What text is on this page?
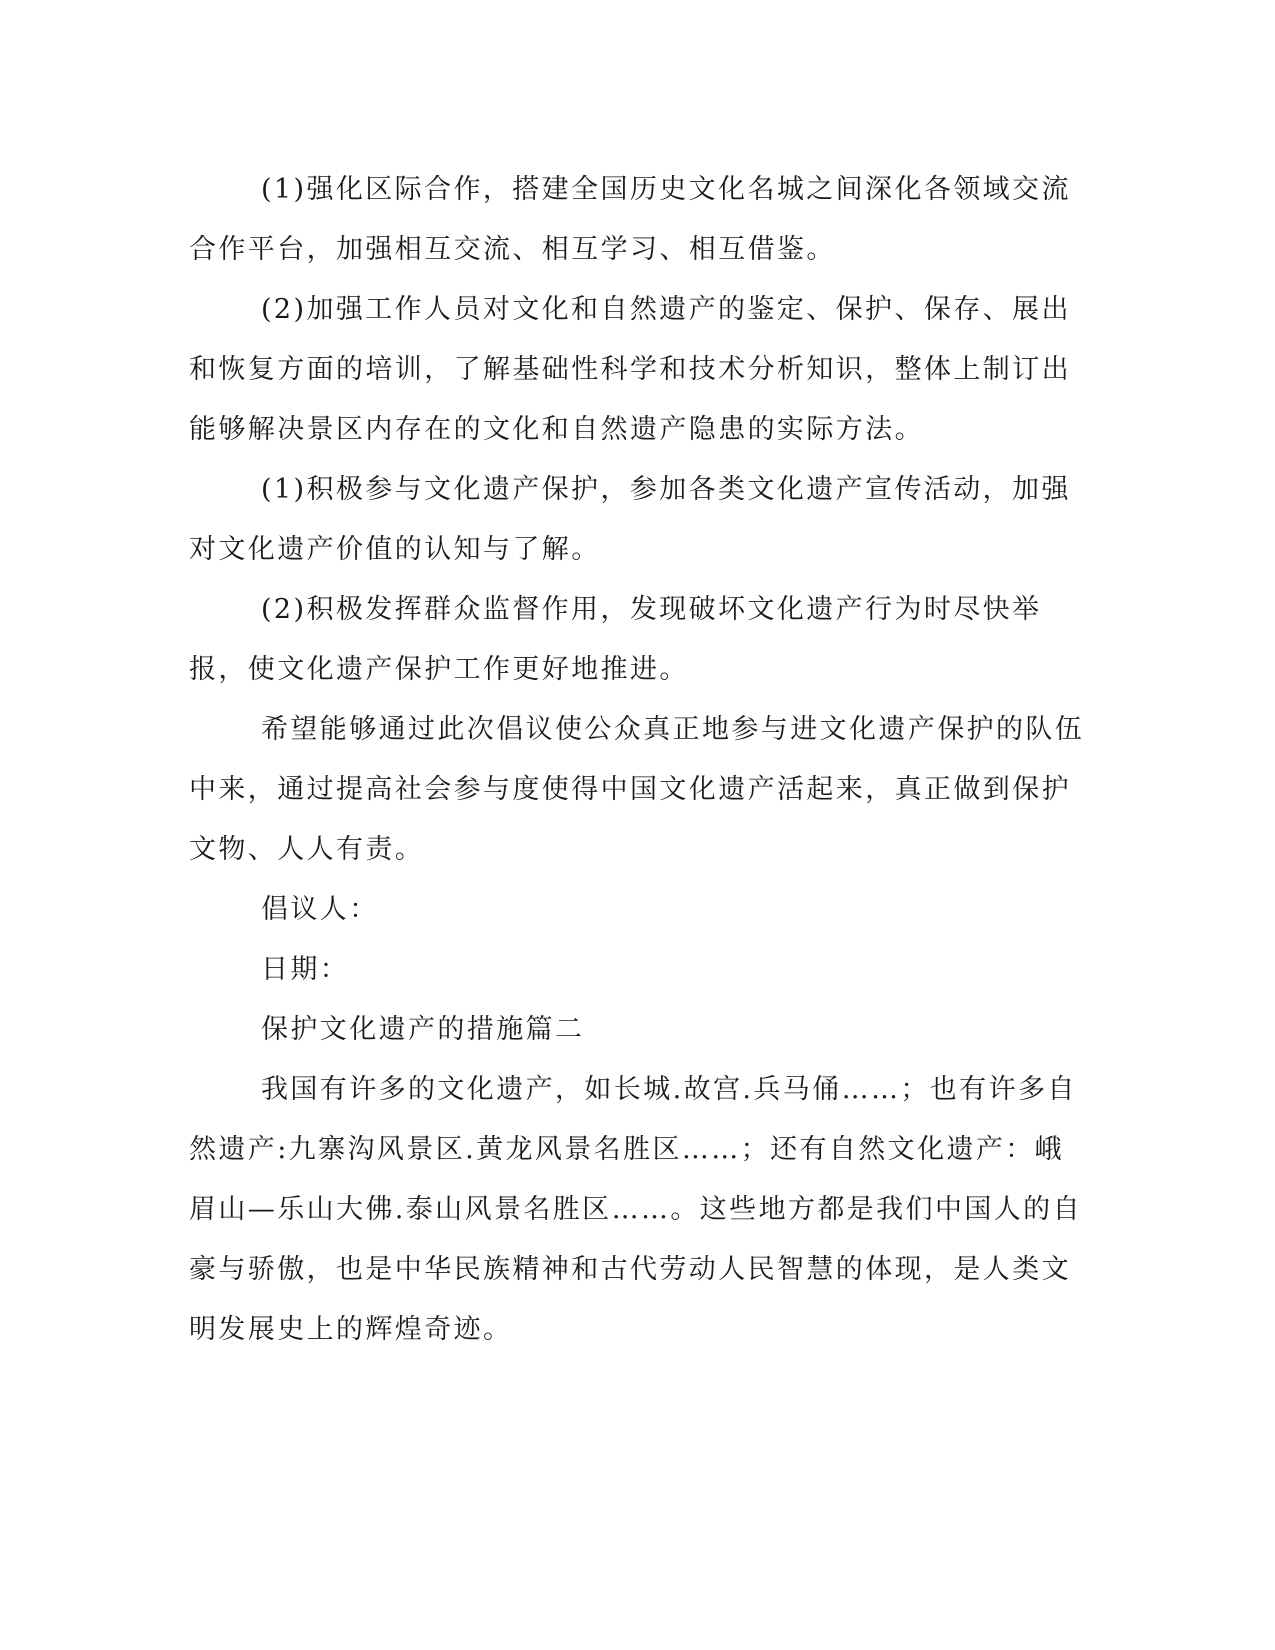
(1)强化区际合作，搭建全国历史文化名城之间深化各领域交流合作平台，加强相互交流、相互学习、相互借鉴。

(2)加强工作人员对文化和自然遗产的鉴定、保护、保存、展出和恢复方面的培训，了解基础性科学和技术分析知识，整体上制订出能够解决景区内存在的文化和自然遗产隐患的实际方法。

(1)积极参与文化遗产保护，参加各类文化遗产宣传活动，加强对文化遗产价值的认知与了解。

(2)积极发挥群众监督作用，发现破坏文化遗产行为时尽快举报，使文化遗产保护工作更好地推进。

希望能够通过此次倡议使公众真正地参与进文化遗产保护的队伍中来，通过提高社会参与度使得中国文化遗产活起来，真正做到保护文物、人人有责。

倡议人：

日期：

保护文化遗产的措施篇二

我国有许多的文化遗产，如长城.故宫.兵马俑……；也有许多自然遗产:九寨沟风景区.黄龙风景名胜区……；还有自然文化遗产：峨眉山—乐山大佛.泰山风景名胜区……。这些地方都是我们中国人的自豪与骄傲，也是中华民族精神和古代劳动人民智慧的体现，是人类文明发展史上的辉煌奇迹。
